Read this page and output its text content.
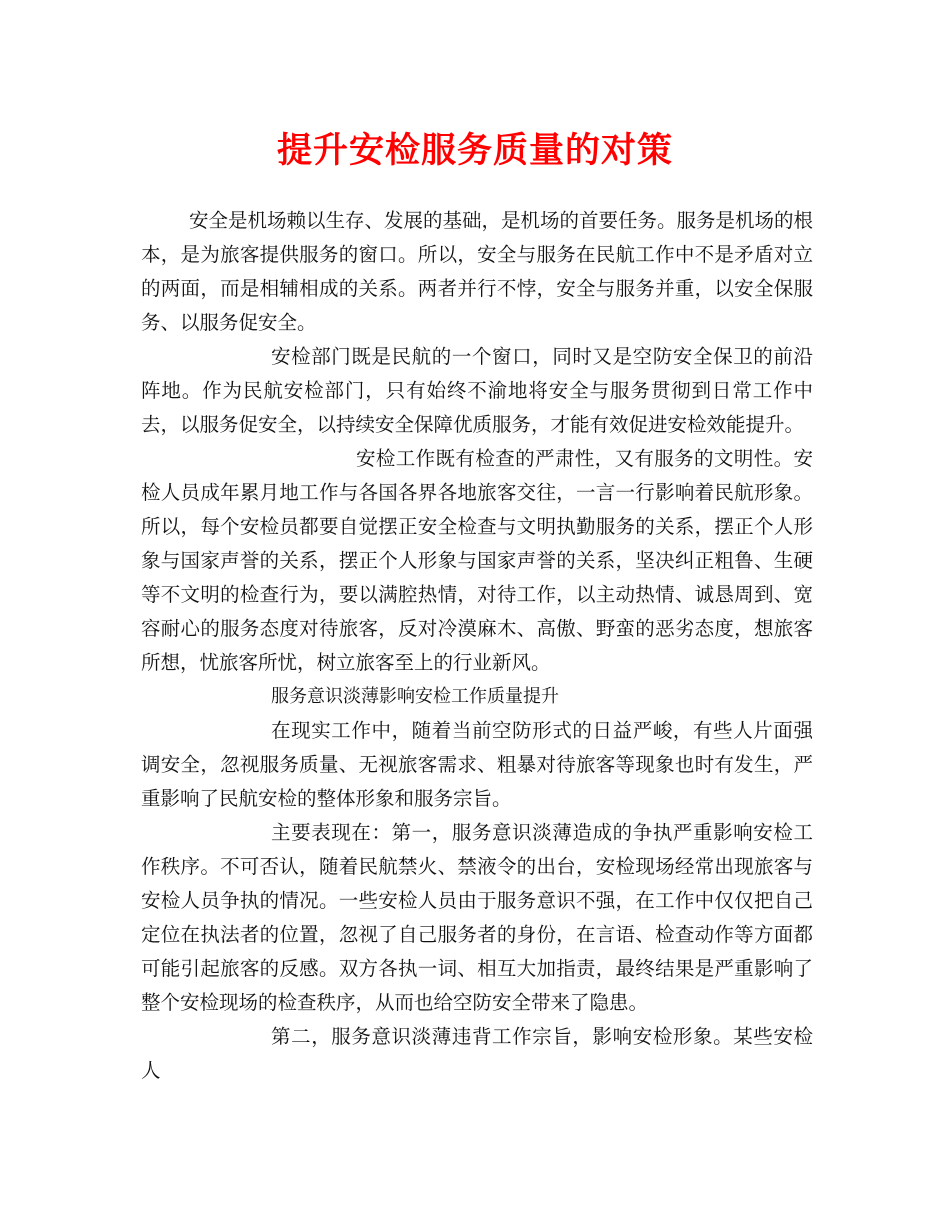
提升安检服务质量的对策

安全是机场赖以生存、发展的基础，是机场的首要任务。服务是机场的根本，是为旅客提供服务的窗口。所以，安全与服务在民航工作中不是矛盾对立的两面，而是相辅相成的关系。两者并行不悖，安全与服务并重，以安全保服务、以服务促安全。

安检部门既是民航的一个窗口，同时又是空防安全保卫的前沿阵地。作为民航安检部门，只有始终不渝地将安全与服务贯彻到日常工作中去，以服务促安全，以持续安全保障优质服务，才能有效促进安检效能提升。

安检工作既有检查的严肃性，又有服务的文明性。安检人员成年累月地工作与各国各界各地旅客交往，一言一行影响着民航形象。所以，每个安检员都要自觉摆正安全检查与文明执勤服务的关系，摆正个人形象与国家声誉的关系，摆正个人形象与国家声誉的关系，坚决纠正粗鲁、生硬等不文明的检查行为，要以满腔热情，对待工作，以主动热情、诚恳周到、宽容耐心的服务态度对待旅客，反对冷漠麻木、高傲、野蛮的恶劣态度，想旅客所想，忧旅客所忧，树立旅客至上的行业新风。

服务意识淡薄影响安检工作质量提升

在现实工作中，随着当前空防形式的日益严峻，有些人片面强调安全，忽视服务质量、无视旅客需求、粗暴对待旅客等现象也时有发生，严重影响了民航安检的整体形象和服务宗旨。

主要表现在：第一，服务意识淡薄造成的争执严重影响安检工作秩序。不可否认，随着民航禁火、禁液令的出台，安检现场经常出现旅客与安检人员争执的情况。一些安检人员由于服务意识不强，在工作中仅仅把自己定位在执法者的位置，忽视了自己服务者的身份，在言语、检查动作等方面都可能引起旅客的反感。双方各执一词、相互大加指责，最终结果是严重影响了整个安检现场的检查秩序，从而也给空防安全带来了隐患。

第二，服务意识淡薄违背工作宗旨，影响安检形象。某些安检人
